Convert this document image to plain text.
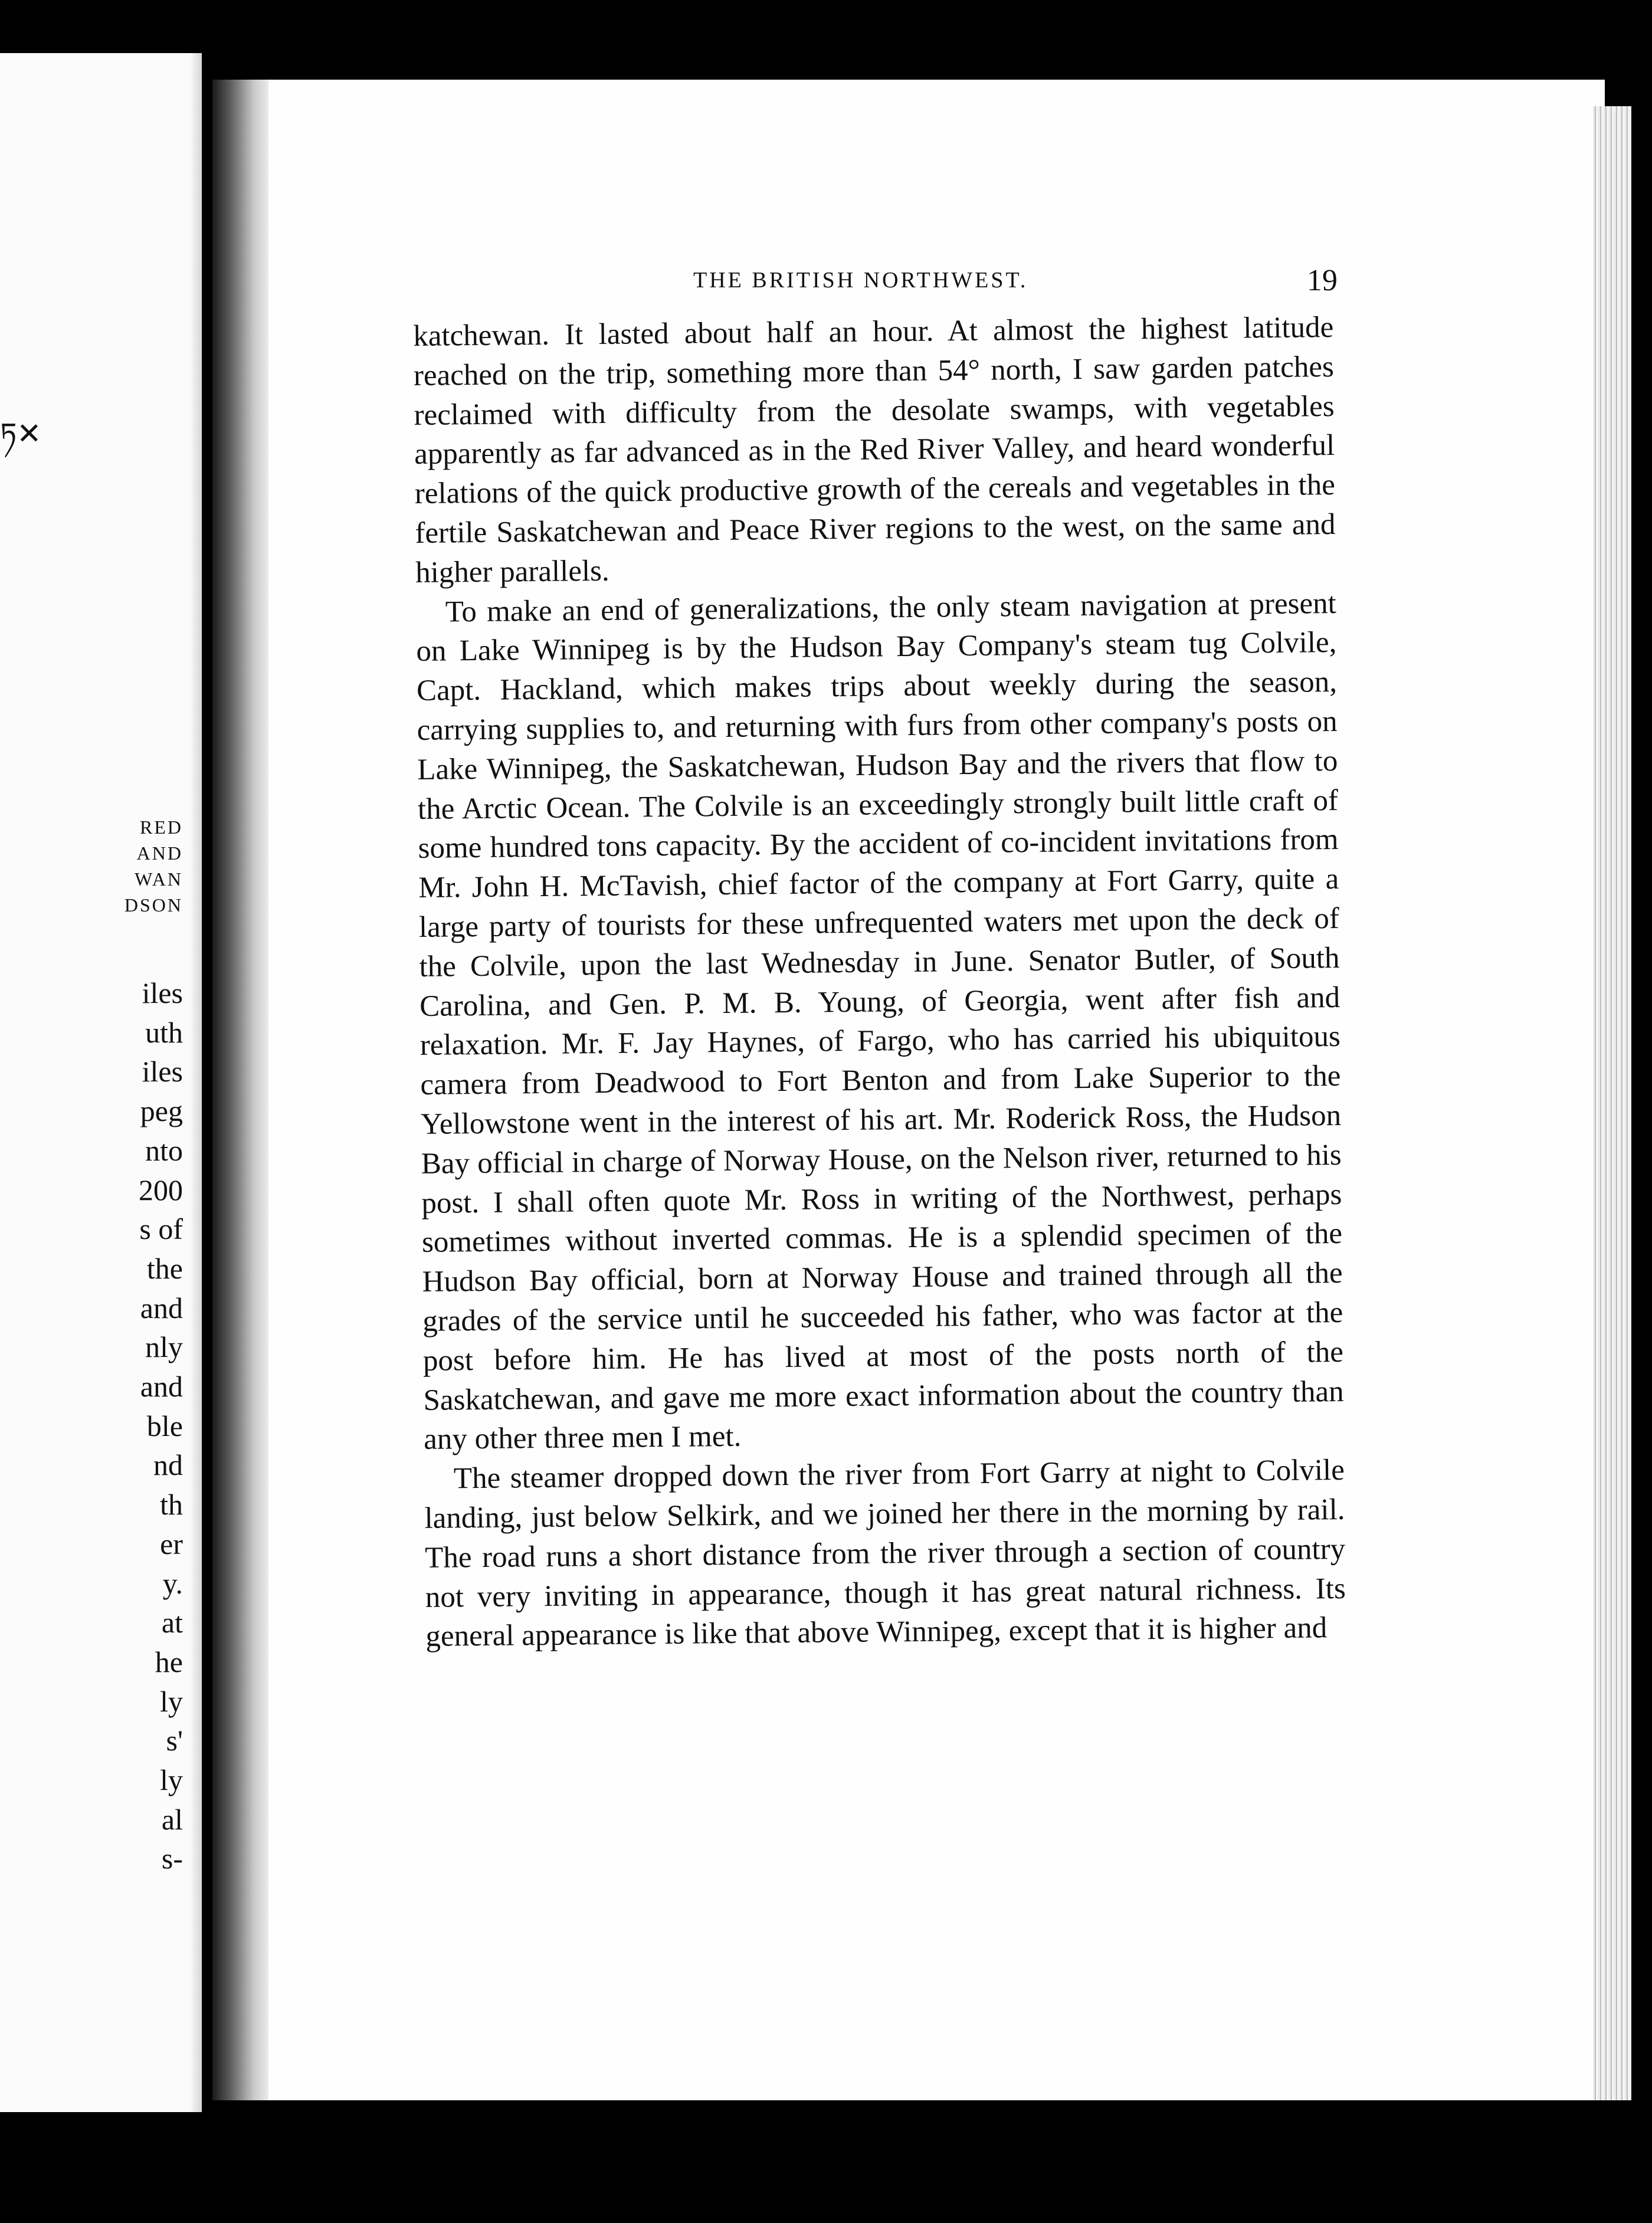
ཏ✕
RED
AND
WAN
DSON
iles
uth
iles
peg
nto
200
s of
the
and
nly
and
ble
nd
th
er
y.
at
he
ly
s'
ly
al
s-
THE BRITISH NORTHWEST.	19

katchewan. It lasted about half an hour. At almost the highest latitude reached on the trip, something more than 54° north, I saw garden patches reclaimed with difficulty from the desolate swamps, with vegetables apparently as far advanced as in the Red River Valley, and heard wonderful relations of the quick productive growth of the cereals and vegetables in the fertile Saskatchewan and Peace River regions to the west, on the same and higher parallels.

To make an end of generalizations, the only steam navigation at present on Lake Winnipeg is by the Hudson Bay Company's steam tug Colvile, Capt. Hackland, which makes trips about weekly during the season, carrying supplies to, and returning with furs from other company's posts on Lake Winnipeg, the Saskatchewan, Hudson Bay and the rivers that flow to the Arctic Ocean. The Colvile is an exceedingly strongly built little craft of some hundred tons capacity. By the accident of co-incident invitations from Mr. John H. McTavish, chief factor of the company at Fort Garry, quite a large party of tourists for these unfrequented waters met upon the deck of the Colvile, upon the last Wednesday in June. Senator Butler, of South Carolina, and Gen. P. M. B. Young, of Georgia, went after fish and relaxation. Mr. F. Jay Haynes, of Fargo, who has carried his ubiquitous camera from Deadwood to Fort Benton and from Lake Superior to the Yellowstone went in the interest of his art. Mr. Roderick Ross, the Hudson Bay official in charge of Norway House, on the Nelson river, returned to his post. I shall often quote Mr. Ross in writing of the Northwest, perhaps sometimes without inverted commas. He is a splendid specimen of the Hudson Bay official, born at Norway House and trained through all the grades of the service until he succeeded his father, who was factor at the post before him. He has lived at most of the posts north of the Saskatchewan, and gave me more exact information about the country than any other three men I met.

The steamer dropped down the river from Fort Garry at night to Colvile landing, just below Selkirk, and we joined her there in the morning by rail. The road runs a short distance from the river through a section of country not very inviting in appearance, though it has great natural richness. Its general appearance is like that above Winnipeg, except that it is higher and
